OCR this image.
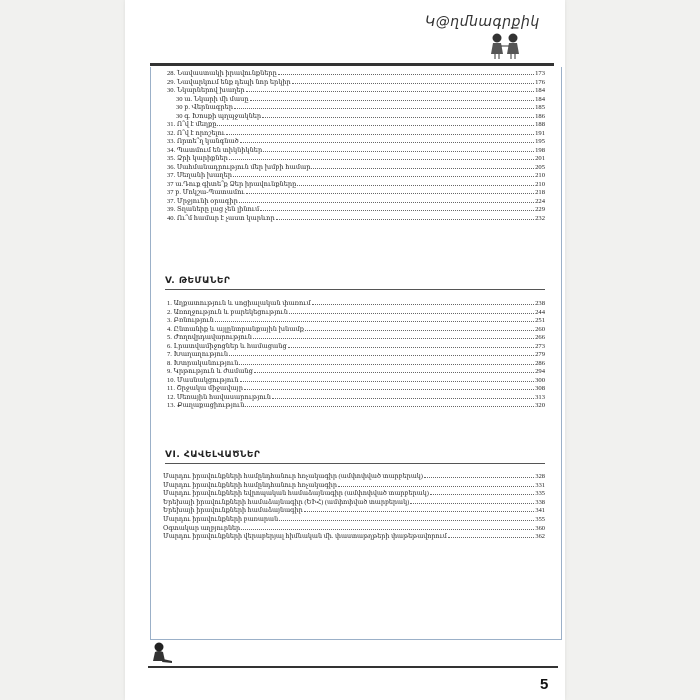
Կ@ղմնագրքիկ
28. Նավաստակի իրավունքները	173
29. Նավարկում ենք դեպի նոր երկիր	176
30. Նկարներով խաղեր	184
30 ա. Նկարի մի մասը	184
30 բ. Վերնագրեր	185
30 գ. Խոսքի պղպջակներ	186
31. Ո՞վ է մեղքը	188
32. Ո՞վ է որոշելու	191
33. Որտե՞ղ կանգնած	195
34. Պատմում են տիկնիկներ	198
35. Ձրի կարիքներ	201
36. Սահմանադրություն մեր խմբի համար	205
37. Սեղանի խաղեր	210
37 ա.Դուք գիտե՞ք Ձեր իրավունքները	210
37 բ. Մոկշա-Պատամու	218
37. Մրջյունի օրագիր	224
39. Տղաները լաց չեն լինում	229
40. Ու՞մ համար է չաստ կարևոր	232
V. ԹԵՄԱՆԵՐ
1. Աղքատություն և սոցիալական փառում	238
2. Առողջություն և բարեկեցություն	244
3. Բռնություն	251
4. Ընտանիք և այլընտրանքային խնամք	260
5. Ժողովրդավարություն	266
6. Լրատվամիջոցներ և համացանց	273
7. Խաղաղություն	279
8. Խտրականություն	286
9. Կրթություն և ժամանց	294
10. Մասնակցություն	300
11. Շրջակա միջավայր	308
12. Սեռային հավասարություն	313
13. Քաղաքացիություն	320
VI. ՀԱՎԵԼՎԱԾՆԵՐ
Մարդու իրավունքների համընդհանուր հռչակագիր (ամփոփված տարբերակ)	328
Մարդու իրավունքների համընդհանուր հռչակագիր	331
Մարդու իրավունքների եվրոպական համաձայնագիր (ամփոփված տարբերակ)	335
Երեխայի իրավունքների համաձայնագիր (ԵԻՀ) (ամփոփված տարբերակ)	338
Երեխայի իրավունքների համաձայնագիր	341
Մարդու իրավունքների բառարան	355
Օգտակար աղբյուրներ	360
Մարդու իրավունքների վերաբերյալ հիմնական մի. փաստաթղթերի փաթեթավորում	362
5
